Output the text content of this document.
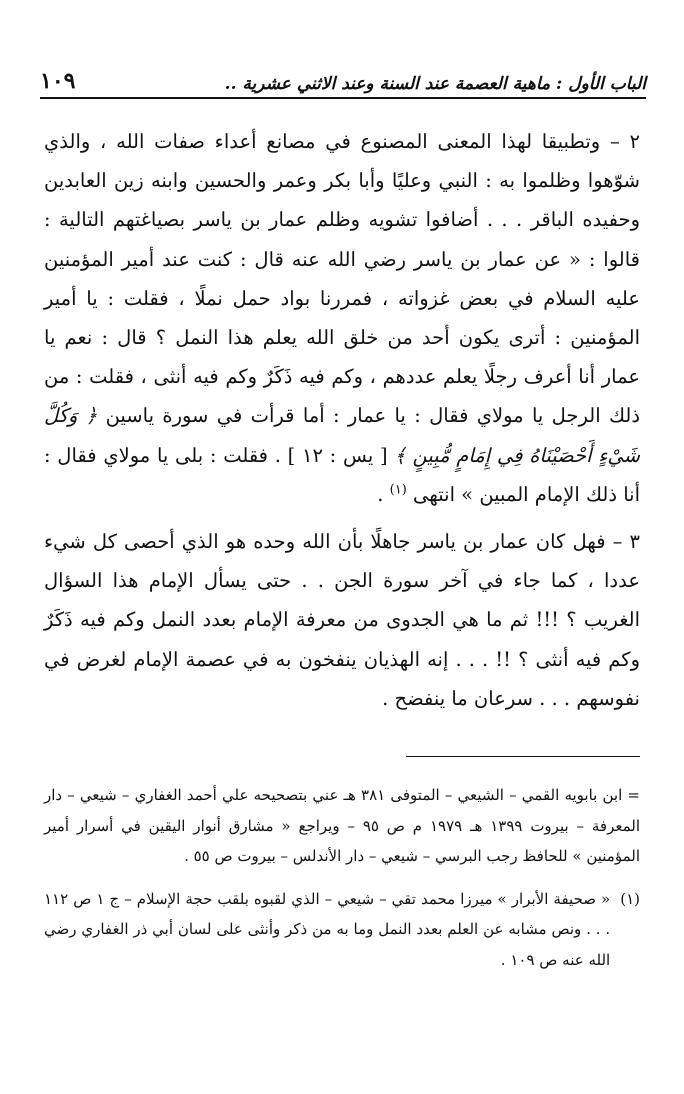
الباب الأول : ماهية العصمة عند السنة وعند الاثني عشرية ..
١٠٩

٢ – وتطبيقا لهذا المعنى المصنوع في مصانع أعداء صفات الله ، والذي شوّهوا وظلموا به : النبي وعليًا وأبا بكر وعمر والحسين وابنه زين العابدين وحفيده الباقر . . . أضافوا تشويه وظلم عمار بن ياسر بصياغتهم التالية : قالوا : « عن عمار بن ياسر رضي الله عنه قال : كنت عند أمير المؤمنين عليه السلام في بعض غزواته ، فمررنا بواد حمل نملًا ، فقلت : يا أمير المؤمنين : أترى يكون أحد من خلق الله يعلم هذا النمل ؟ قال : نعم يا عمار أنا أعرف رجلًا يعلم عددهم ، وكم فيه ذَكَرٌ وكم فيه أنثى ، فقلت : من ذلك الرجل يا مولاي فقال : يا عمار : أما قرأت في سورة ياسين ﴿ وَكُلَّ شَيْءٍ أَحْصَيْنَاهُ فِي إِمَامٍ مُّبِينٍ ﴾ [ يس : ١٢ ] . فقلت : بلى يا مولاي فقال : أنا ذلك الإمام المبين » انتهى $^{(١)}$ .

٣ – فهل كان عمار بن ياسر جاهلًا بأن الله وحده هو الذي أحصى كل شيء عددا ، كما جاء في آخر سورة الجن . . حتى يسأل الإمام هذا السؤال الغريب ؟ !!! ثم ما هي الجدوى من معرفة الإمام بعدد النمل وكم فيه ذَكَرٌ وكم فيه أنثى ؟ !! . . . إنه الهذيان ينفخون به في عصمة الإمام لغرض في نفوسهم . . . سرعان ما ينفضح .

= ابن بابويه القمي – الشيعي – المتوفى ٣٨١ هـ عني بتصحيحه علي أحمد الغفاري – شيعي – دار المعرفة – بيروت ١٣٩٩ هـ ١٩٧٩ م ص ٩٥ – ويراجع « مشارق أنوار اليقين في أسرار أمير المؤمنين » للحافظ رجب البرسي – شيعي – دار الأندلس – بيروت ص ٥٥ .

(١)
« صحيفة الأبرار » ميرزا محمد تقي – شيعي – الذي لقبوه بلقب حجة الإسلام – ج ١ ص ١١٢ . . . ونص مشابه عن العلم بعدد النمل وما به من ذكر وأنثى على لسان أبي ذر الغفاري رضي الله عنه ص ١٠٩ .
